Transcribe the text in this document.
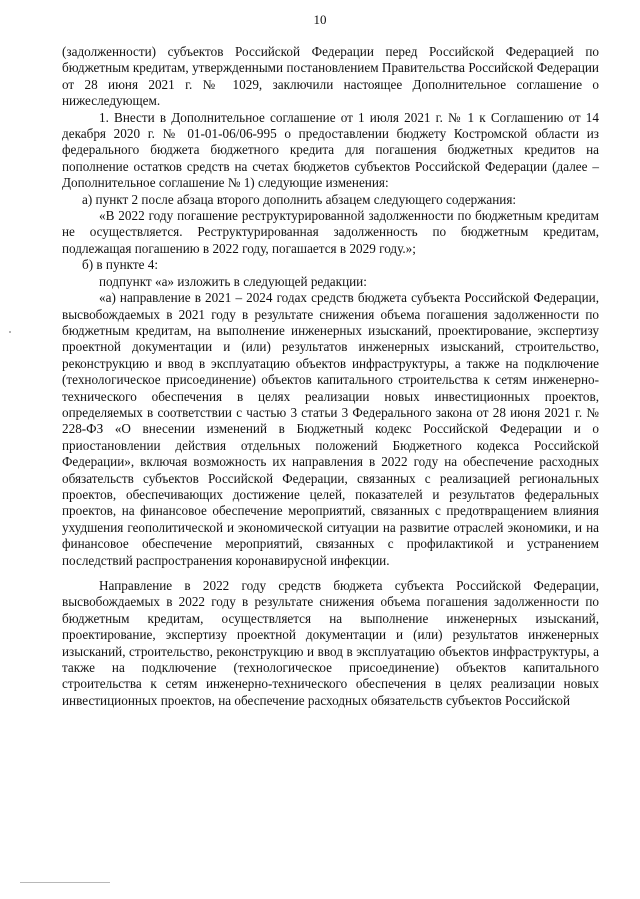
10

(задолженности) субъектов Российской Федерации перед Российской Федерацией по бюджетным кредитам, утвержденными постановлением Правительства Российской Федерации от 28 июня 2021 г. № 1029, заключили настоящее Дополнительное соглашение о нижеследующем.

1. Внести в Дополнительное соглашение от 1 июля 2021 г. № 1 к Соглашению от 14 декабря 2020 г. № 01-01-06/06-995 о предоставлении бюджету Костромской области из федерального бюджета бюджетного кредита для погашения бюджетных кредитов на пополнение остатков средств на счетах бюджетов субъектов Российской Федерации (далее – Дополнительное соглашение № 1) следующие изменения:

а) пункт 2 после абзаца второго дополнить абзацем следующего содержания:

«В 2022 году погашение реструктурированной задолженности по бюджетным кредитам не осуществляется. Реструктурированная задолженность по бюджетным кредитам, подлежащая погашению в 2022 году, погашается в 2029 году.»;

б) в пункте 4:

подпункт «а» изложить в следующей редакции:

«а) направление в 2021 – 2024 годах средств бюджета субъекта Российской Федерации, высвобождаемых в 2021 году в результате снижения объема погашения задолженности по бюджетным кредитам, на выполнение инженерных изысканий, проектирование, экспертизу проектной документации и (или) результатов инженерных изысканий, строительство, реконструкцию и ввод в эксплуатацию объектов инфраструктуры, а также на подключение (технологическое присоединение) объектов капитального строительства к сетям инженерно-технического обеспечения в целях реализации новых инвестиционных проектов, определяемых в соответствии с частью 3 статьи 3 Федерального закона от 28 июня 2021 г. № 228-ФЗ «О внесении изменений в Бюджетный кодекс Российской Федерации и о приостановлении действия отдельных положений Бюджетного кодекса Российской Федерации», включая возможность их направления в 2022 году на обеспечение расходных обязательств субъектов Российской Федерации, связанных с реализацией региональных проектов, обеспечивающих достижение целей, показателей и результатов федеральных проектов, на финансовое обеспечение мероприятий, связанных с предотвращением влияния ухудшения геополитической и экономической ситуации на развитие отраслей экономики, и на финансовое обеспечение мероприятий, связанных с профилактикой и устранением последствий распространения коронавирусной инфекции.

Направление в 2022 году средств бюджета субъекта Российской Федерации, высвобождаемых в 2022 году в результате снижения объема погашения задолженности по бюджетным кредитам, осуществляется на выполнение инженерных изысканий, проектирование, экспертизу проектной документации и (или) результатов инженерных изысканий, строительство, реконструкцию и ввод в эксплуатацию объектов инфраструктуры, а также на подключение (технологическое присоединение) объектов капитального строительства к сетям инженерно-технического обеспечения в целях реализации новых инвестиционных проектов, на обеспечение расходных обязательств субъектов Российской
